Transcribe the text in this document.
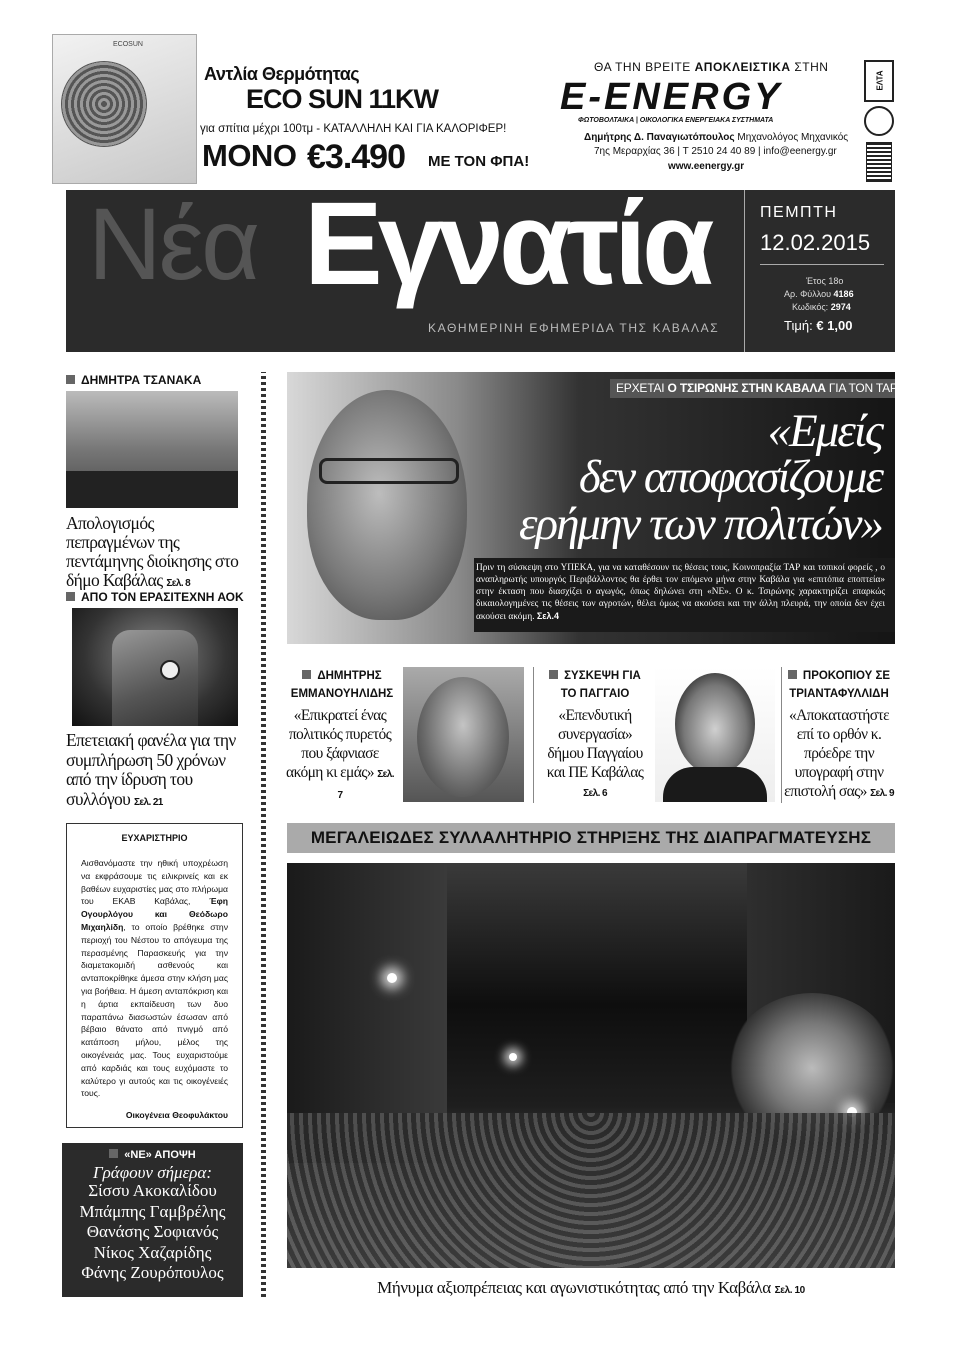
ECOSUN
Αντλία Θερμότητας
ECO SUN 11KW
για σπίτια μέχρι 100τμ - ΚΑΤΑΛΛΗΛΗ ΚΑΙ ΓΙΑ ΚΑΛΟΡΙΦΕΡ!
ΜΟΝΟ €3.490 ΜΕ ΤΟΝ ΦΠΑ!
ΘΑ ΤΗΝ ΒΡΕΙΤΕ ΑΠΟΚΛΕΙΣΤΙΚΑ ΣΤΗΝ
E-ENERGY
ΦΩΤΟΒΟΛΤΑΙΚΑ | ΟΙΚΟΛΟΓΙΚΑ ΕΝΕΡΓΕΙΑΚΑ ΣΥΣΤΗΜΑΤΑ
Δημήτρης Δ. Παναγιωτόπουλος Μηχανολόγος Μηχανικός
7ης Μεραρχίας 36 | Τ 2510 24 40 89 | info@eenergy.gr
www.eenergy.gr
ΕΛΤΑ
Νέα Εγνατία
ΚΑΘΗΜΕΡΙΝΗ ΕΦΗΜΕΡΙΔΑ ΤΗΣ ΚΑΒΑΛΑΣ
ΠΕΜΠΤΗ
12.02.2015
Έτος 18ο
Αρ. Φύλλου 4186
Κωδικός: 2974
Τιμή: € 1,00
ΔΗΜΗΤΡΑ ΤΣΑΝΑΚΑ
Απολογισμός πεπραγμένων της πεντάμηνης διοίκησης στο δήμο Καβάλας Σελ. 8
ΑΠΟ ΤΟΝ ΕΡΑΣΙΤΕΧΝΗ ΑΟΚ
Επετειακή φανέλα για την συμπλήρωση 50 χρόνων από την ίδρυση του συλλόγου Σελ. 21
ΕΥΧΑΡΙΣΤΗΡΙΟ
Αισθανόμαστε την ηθική υποχρέωση να εκφράσουμε τις ειλικρινείς και εκ βαθέων ευχαριστίες μας στο πλήρωμα του ΕΚΑΒ Καβάλας, Έφη Ογουρλόγου και Θεόδωρο Μιχαηλίδη, το οποίο βρέθηκε στην περιοχή του Νέστου το απόγευμα της περασμένης Παρασκευής για την διαμετακομιδή ασθενούς και ανταποκρίθηκε άμεσα στην κλήση μας για βοήθεια. Η άμεση ανταπόκριση και η άρτια εκπαίδευση των δυο παραπάνω διασωστών έσωσαν από βέβαιο θάνατο από πνιγμό από κατάποση μήλου, μέλος της οικογένειάς μας. Τους ευχαριστούμε από καρδιάς και τους ευχόμαστε το καλύτερο γι αυτούς και τις οικογένειές τους.
Οικογένεια Θεοφυλάκτου
«ΝΕ» ΑΠΟΨΗ
Γράφουν σήμερα:
Σίσσυ Ακοκαλίδου
Μπάμπης Γαμβρέλης
Θανάσης Σοφιανός
Νίκος Χαζαρίδης
Φάνης Ζουρόπουλος
ΕΡΧΕΤΑΙ Ο ΤΣΙΡΩΝΗΣ ΣΤΗΝ ΚΑΒΑΛΑ ΓΙΑ ΤΟΝ ΤΑΡ
«Εμείς
δεν αποφασίζουμε
ερήμην των πολιτών»
Πριν τη σύσκεψη στο ΥΠΕΚΑ, για να καταθέσουν τις θέσεις τους, Κοινοπραξία ΤΑΡ και τοπικοί φορείς , ο αναπληρωτής υπουργός Περιβάλλοντος θα έρθει τον επόμενο μήνα στην Καβάλα για «επιτόπια εποπτεία» στην έκταση που διασχίζει ο αγωγός, όπως δηλώνει στη «ΝΕ». Ο κ. Τσιρώνης χαρακτηρίζει επαρκώς δικαιολογημένες τις θέσεις των αγροτών, θέλει όμως να ακούσει και την άλλη πλευρά, την οποία δεν έχει ακούσει ακόμη. Σελ.4
ΔΗΜΗΤΡΗΣ ΕΜΜΑΝΟΥΗΛΙΔΗΣ
«Επικρατεί ένας πολιτικός πυρετός που ξάφνιασε ακόμη κι εμάς» Σελ. 7
ΣΥΣΚΕΨΗ ΓΙΑ ΤΟ ΠΑΓΓΑΙΟ
«Επενδυτική συνεργασία» δήμου Παγγαίου και ΠΕ Καβάλας Σελ. 6
ΠΡΟΚΟΠΙΟΥ ΣΕ ΤΡΙΑΝΤΑΦΥΛΛΙΔΗ
«Αποκαταστήστε επί το ορθόν κ. πρόεδρε την υπογραφή στην επιστολή σας» Σελ. 9
ΜΕΓΑΛΕΙΩΔΕΣ ΣΥΛΛΑΛΗΤΗΡΙΟ ΣΤΗΡΙΞΗΣ ΤΗΣ ΔΙΑΠΡΑΓΜΑΤΕΥΣΗΣ
Μήνυμα αξιοπρέπειας και αγωνιστικότητας από την Καβάλα Σελ. 10
